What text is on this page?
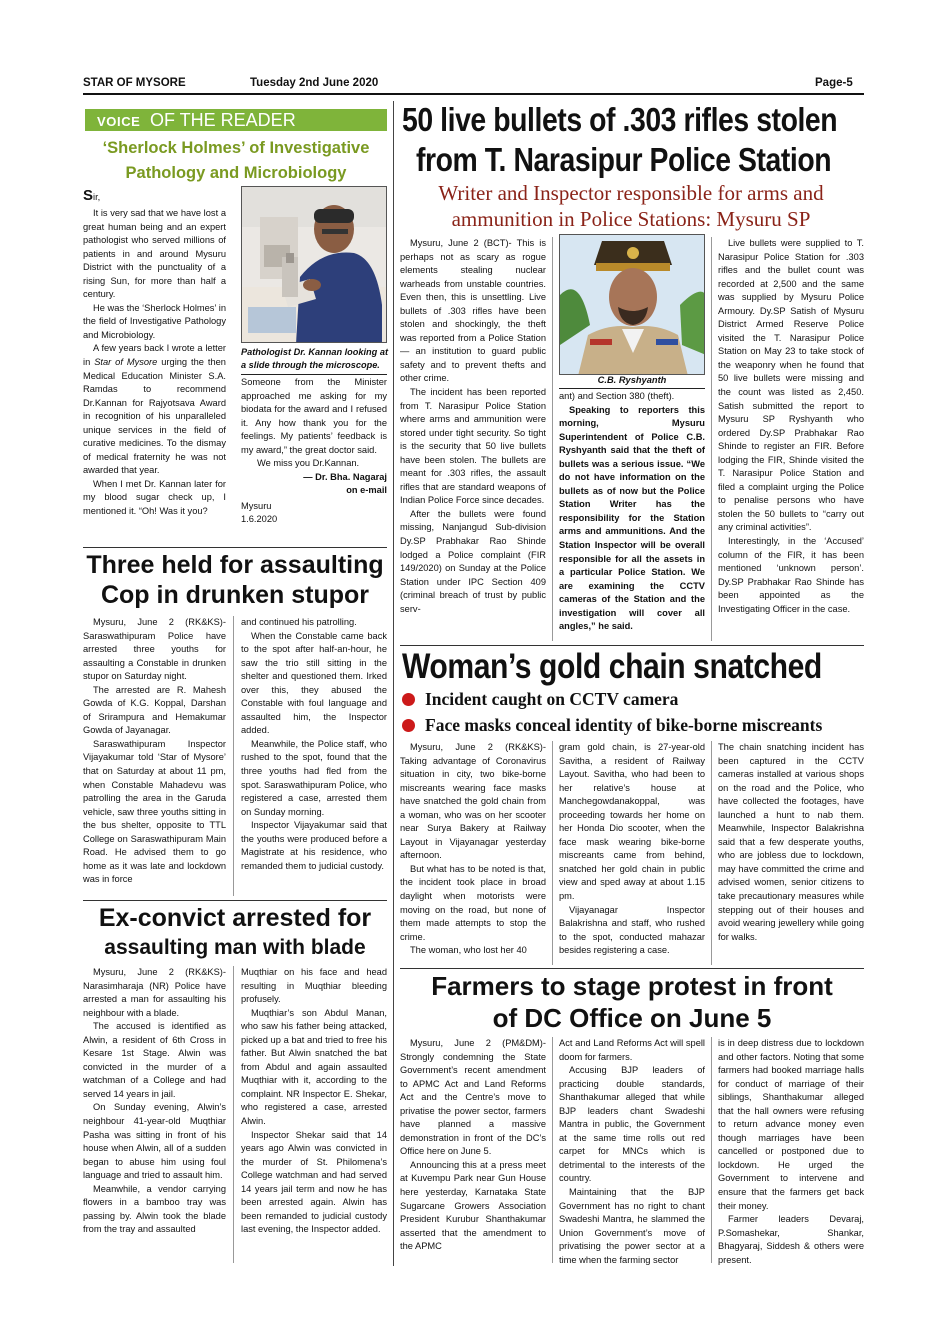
STAR OF MYSORE	Tuesday 2nd June 2020	Page-5
VOICE OF THE READER
‘Sherlock Holmes’ of Investigative Pathology and Microbiology
Sir,

It is very sad that we have lost a great human being and an expert pathologist who served millions of patients in and around Mysuru District with the punctuality of a rising Sun, for more than half a century.

He was the ‘Sherlock Holmes’ in the field of Investigative Pathology and Microbiology.

A few years back I wrote a letter in Star of Mysore urging the then Medical Education Minister S.A. Ramdas to recommend Dr.Kannan for Rajyotsava Award in recognition of his unparalleled unique services in the field of curative medicines. To the dismay of medical fraternity he was not awarded that year.

When I met Dr. Kannan later for my blood sugar check up, I mentioned it. “Oh! Was it you?

Pathologist Dr. Kannan looking at a slide through the microscope.

Someone from the Minister approached me asking for my biodata for the award and I refused it. Any how thank you for the feelings. My patients’ feedback is my award,” the great doctor said.

We miss you Dr.Kannan.

— Dr. Bha. Nagaraj
on e-mail
Mysuru
1.6.2020
50 live bullets of .303 rifles stolen
from T. Narasipur Police Station
Writer and Inspector responsible for arms and
ammunition in Police Stations: Mysuru SP

Mysuru, June 2 (BCT)- This is perhaps not as scary as rogue elements stealing nuclear warheads from unstable countries. Even then, this is unsettling. Live bullets of .303 rifles have been stolen and shockingly, the theft was reported from a Police Station — an institution to guard public safety and to prevent thefts and other crime.

The incident has been reported from T. Narasipur Police Station where arms and ammunition were stored under tight security. So tight is the security that 50 live bullets have been stolen. The bullets are meant for .303 rifles, the assault rifles that are standard weapons of Indian Police Force since decades.

After the bullets were found missing, Nanjangud Sub-division Dy.SP Prabhakar Rao Shinde lodged a Police complaint (FIR 149/2020) on Sunday at the Police Station under IPC Section 409 (criminal breach of trust by public serv-

C.B. Ryshyanth

ant) and Section 380 (theft).

Speaking to reporters this morning, Mysuru Superintendent of Police C.B. Ryshyanth said that the theft of bullets was a serious issue. “We do not have information on the bullets as of now but the Police Station Writer has the responsibility for the Station arms and ammunitions. And the Station Inspector will be overall responsible for all the assets in a particular Police Station. We are examining the CCTV cameras of the Station and the investigation will cover all angles,” he said.

Live bullets were supplied to T. Narasipur Police Station for .303 rifles and the bullet count was recorded at 2,500 and the same was supplied by Mysuru Police Armoury. Dy.SP Satish of Mysuru District Armed Reserve Police visited the T. Narasipur Police Station on May 23 to take stock of the weaponry when he found that 50 live bullets were missing and the count was listed as 2,450. Satish submitted the report to Mysuru SP Ryshyanth who ordered Dy.SP Prabhakar Rao Shinde to register an FIR. Before lodging the FIR, Shinde visited the T. Narasipur Police Station and filed a complaint urging the Police to penalise persons who have stolen the 50 bullets to “carry out any criminal activities”.

Interestingly, in the ‘Accused’ column of the FIR, it has been mentioned ‘unknown person’. Dy.SP Prabhakar Rao Shinde has been appointed as the Investigating Officer in the case.

Three held for assaulting
Cop in drunken stupor

Mysuru, June 2 (RK&KS)- Saraswathipuram Police have arrested three youths for assaulting a Constable in drunken stupor on Saturday night.

The arrested are R. Mahesh Gowda of K.G. Koppal, Darshan of Srirampura and Hemakumar Gowda of Jayanagar.

Saraswathipuram Inspector Vijayakumar told ‘Star of Mysore’ that on Saturday at about 11 pm, when Constable Mahadevu was patrolling the area in the Garuda vehicle, saw three youths sitting in the bus shelter, opposite to TTL College on Saraswathipuram Main Road. He advised them to go home as it was late and lockdown was in force

and continued his patrolling.

When the Constable came back to the spot after half-an-hour, he saw the trio still sitting in the shelter and questioned them. Irked over this, they abused the Constable with foul language and assaulted him, the Inspector added.

Meanwhile, the Police staff, who rushed to the spot, found that the three youths had fled from the spot. Saraswathipuram Police, who registered a case, arrested them on Sunday morning.

Inspector Vijayakumar said that the youths were produced before a Magistrate at his residence, who remanded them to judicial custody.

Ex-convict arrested for
assaulting man with blade

Mysuru, June 2 (RK&KS)- Narasimharaja (NR) Police have arrested a man for assaulting his neighbour with a blade.

The accused is identified as Alwin, a resident of 6th Cross in Kesare 1st Stage. Alwin was convicted in the murder of a watchman of a College and had served 14 years in jail.

On Sunday evening, Alwin’s neighbour 41-year-old Muqthiar Pasha was sitting in front of his house when Alwin, all of a sudden began to abuse him using foul language and tried to assault him.

Meanwhile, a vendor carrying flowers in a bamboo tray was passing by. Alwin took the blade from the tray and assaulted

Muqthiar on his face and head resulting in Muqthiar bleeding profusely.

Muqthiar’s son Abdul Manan, who saw his father being attacked, picked up a bat and tried to free his father. But Alwin snatched the bat from Abdul and again assaulted Muqthiar with it, according to the complaint. NR Inspector E. Shekar, who registered a case, arrested Alwin.

Inspector Shekar said that 14 years ago Alwin was convicted in the murder of St. Philomena’s College watchman and had served 14 years jail term and now he has been arrested again. Alwin has been remanded to judicial custody last evening, the Inspector added.

Woman’s gold chain snatched
Incident caught on CCTV camera
Face masks conceal identity of bike-borne miscreants

Mysuru, June 2 (RK&KS)- Taking advantage of Coronavirus situation in city, two bike-borne miscreants wearing face masks have snatched the gold chain from a woman, who was on her scooter near Surya Bakery at Railway Layout in Vijayanagar yesterday afternoon.

But what has to be noted is that, the incident took place in broad daylight when motorists were moving on the road, but none of them made attempts to stop the crime.

The woman, who lost her 40

gram gold chain, is 27-year-old Savitha, a resident of Railway Layout. Savitha, who had been to her relative’s house at Manchegowdanakoppal, was proceeding towards her home on her Honda Dio scooter, when the face mask wearing bike-borne miscreants came from behind, snatched her gold chain in public view and sped away at about 1.15 pm.

Vijayanagar Inspector Balakrishna and staff, who rushed to the spot, conducted mahazar besides registering a case.

The chain snatching incident has been captured in the CCTV cameras installed at various shops on the road and the Police, who have collected the footages, have launched a hunt to nab them. Meanwhile, Inspector Balakrishna said that a few desperate youths, who are jobless due to lockdown, may have committed the crime and advised women, senior citizens to take precautionary measures while stepping out of their houses and avoid wearing jewellery while going for walks.

Farmers to stage protest in front
of DC Office on June 5

Mysuru, June 2 (PM&DM)- Strongly condemning the State Government’s recent amendment to APMC Act and Land Reforms Act and the Centre’s move to privatise the power sector, farmers have planned a massive demonstration in front of the DC’s Office here on June 5.

Announcing this at a press meet at Kuvempu Park near Gun House here yesterday, Karnataka State Sugarcane Growers Association President Kurubur Shanthakumar asserted that the amendment to the APMC

Act and Land Reforms Act will spell doom for farmers.

Accusing BJP leaders of practicing double standards, Shanthakumar alleged that while BJP leaders chant Swadeshi Mantra in public, the Government at the same time rolls out red carpet for MNCs which is detrimental to the interests of the country.

Maintaining that the BJP Government has no right to chant Swadeshi Mantra, he slammed the Union Government’s move of privatising the power sector at a time when the farming sector

is in deep distress due to lockdown and other factors. Noting that some farmers had booked marriage halls for conduct of marriage of their siblings, Shanthakumar alleged that the hall owners were refusing to return advance money even though marriages have been cancelled or postponed due to lockdown. He urged the Government to intervene and ensure that the farmers get back their money.

Farmer leaders Devaraj, P.Somashekar, Shankar, Bhagyaraj, Siddesh & others were present.
